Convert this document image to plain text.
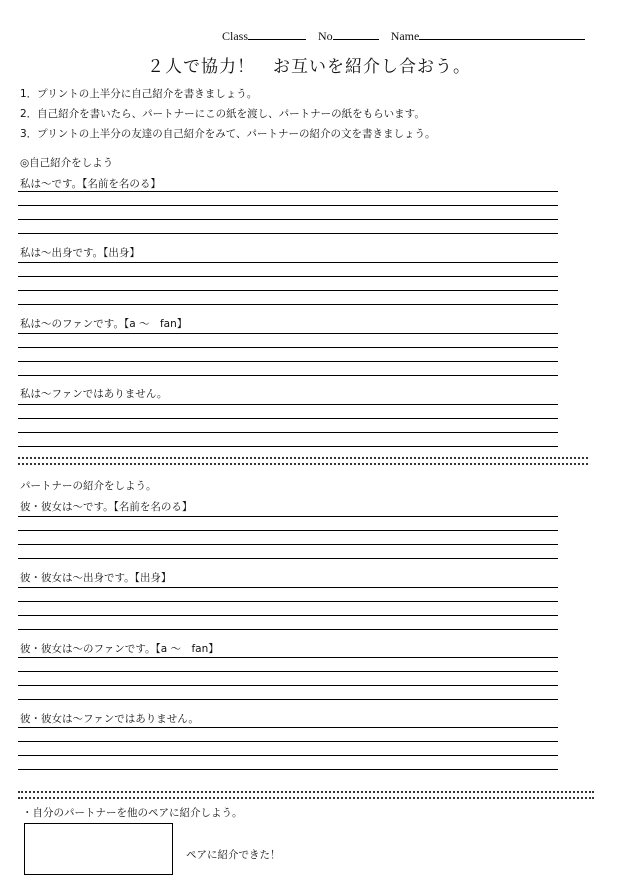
Class	No	Name
２人で協力！　お互いを紹介し合おう。
1．プリントの上半分に自己紹介を書きましょう。
2．自己紹介を書いたら、パートナーにこの紙を渡し、パートナーの紙をもらいます。
3．プリントの上半分の友達の自己紹介をみて、パートナーの紹介の文を書きましょう。
◎自己紹介をしよう
私は〜です。【名前を名のる】
私は〜出身です。【出身】
私は〜のファンです。【a 〜　fan】
私は〜ファンではありません。
パートナーの紹介をしよう。
彼・彼女は〜です。【名前を名のる】
彼・彼女は〜出身です。【出身】
彼・彼女は〜のファンです。【a 〜　fan】
彼・彼女は〜ファンではありません。
・自分のパートナーを他のペアに紹介しよう。
ペアに紹介できた！
